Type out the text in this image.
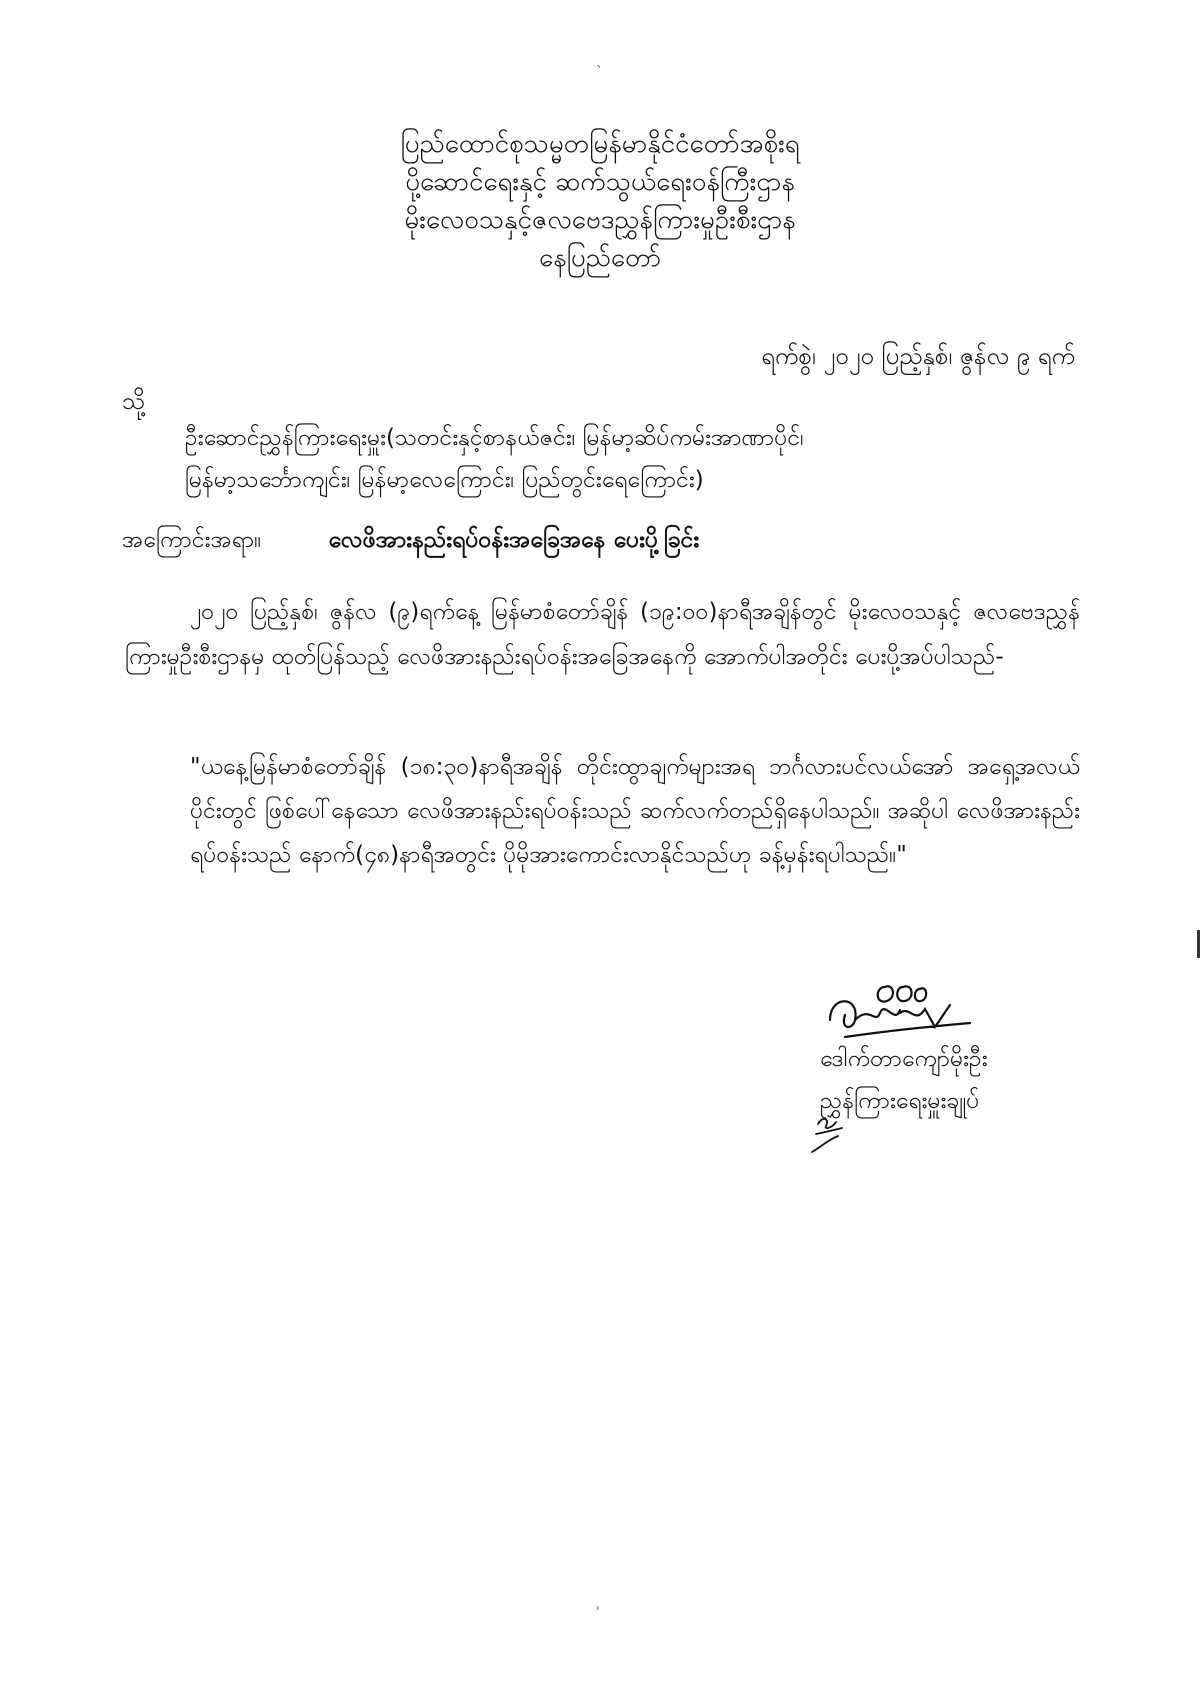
ˎ
ပြည်ထောင်စုသမ္မတမြန်မာနိုင်ငံတော်အစိုးရ
ပို့ဆောင်ရေးနှင့် ဆက်သွယ်ရေးဝန်ကြီးဌာန
မိုးလေဝသနှင့်ဇလဗေဒညွှန်ကြားမှုဦးစီးဌာန
နေပြည်တော်
ရက်စွဲ၊ ၂၀၂၀ ပြည့်နှစ်၊ ဇွန်လ ၉ ရက်
သို့
ဦးဆောင်ညွှန်ကြားရေးမှူး(သတင်းနှင့်စာနယ်ဇင်း၊ မြန်မာ့ဆိပ်ကမ်းအာဏာပိုင်၊
မြန်မာ့သင်္ဘောကျင်း၊ မြန်မာ့လေကြောင်း၊ ပြည်တွင်းရေကြောင်း)
အကြောင်းအရာ။	လေဖိအားနည်းရပ်ဝန်းအခြေအနေ ပေးပို့ခြင်း
၂၀၂၀ ပြည့်နှစ်၊ ဇွန်လ (၉)ရက်နေ့ မြန်မာစံတော်ချိန် (၁၉:၀၀)နာရီအချိန်တွင် မိုးလေဝသနှင့် ဇလဗေဒညွှန်ကြားမှုဦးစီးဌာနမှ ထုတ်ပြန်သည့် လေဖိအားနည်းရပ်ဝန်းအခြေအနေကို အောက်ပါအတိုင်း ပေးပို့အပ်ပါသည်-
"ယနေ့မြန်မာစံတော်ချိန် (၁၈:၃၀)နာရီအချိန် တိုင်းထွာချက်များအရ ဘင်္ဂလားပင်လယ်အော် အရှေ့အလယ်ပိုင်းတွင် ဖြစ်ပေါ်နေသော လေဖိအားနည်းရပ်ဝန်းသည် ဆက်လက်တည်ရှိနေပါသည်။ အဆိုပါ လေဖိအားနည်းရပ်ဝန်းသည် နောက်(၄၈)နာရီအတွင်း ပိုမိုအားကောင်းလာနိုင်သည်ဟု ခန့်မှန်းရပါသည်။"
ဒေါက်တာကျော်မိုးဦး
ညွှန်ကြားရေးမှူးချုပ်
ˈ
